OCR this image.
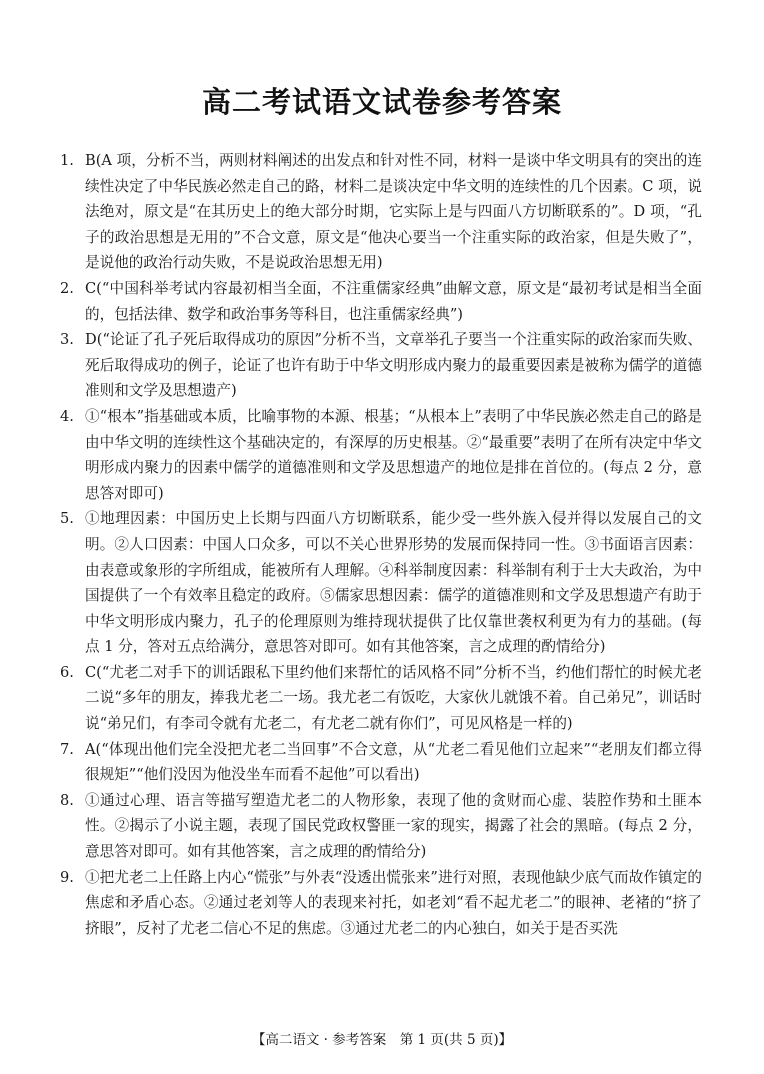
高二考试语文试卷参考答案
1. B(A 项，分析不当，两则材料阐述的出发点和针对性不同，材料一是谈中华文明具有的突出的连续性决定了中华民族必然走自己的路，材料二是谈决定中华文明的连续性的几个因素。C 项，说法绝对，原文是“在其历史上的绝大部分时期，它实际上是与四面八方切断联系的”。D 项，“孔子的政治思想是无用的”不合文意，原文是“他决心要当一个注重实际的政治家，但是失败了”，是说他的政治行动失败，不是说政治思想无用)
2. C(“中国科举考试内容最初相当全面，不注重儒家经典”曲解文意，原文是“最初考试是相当全面的，包括法律、数学和政治事务等科目，也注重儒家经典”)
3. D(“论证了孔子死后取得成功的原因”分析不当，文章举孔子要当一个注重实际的政治家而失败、死后取得成功的例子，论证了也许有助于中华文明形成内聚力的最重要因素是被称为儒学的道德准则和文学及思想遗产)
4. ①“根本”指基础或本质，比喻事物的本源、根基；“从根本上”表明了中华民族必然走自己的路是由中华文明的连续性这个基础决定的，有深厚的历史根基。②“最重要”表明了在所有决定中华文明形成内聚力的因素中儒学的道德准则和文学及思想遗产的地位是排在首位的。(每点 2 分，意思答对即可)
5. ①地理因素：中国历史上长期与四面八方切断联系，能少受一些外族入侵并得以发展自己的文明。②人口因素：中国人口众多，可以不关心世界形势的发展而保持同一性。③书面语言因素：由表意或象形的字所组成，能被所有人理解。④科举制度因素：科举制有利于士大夫政治，为中国提供了一个有效率且稳定的政府。⑤儒家思想因素：儒学的道德准则和文学及思想遗产有助于中华文明形成内聚力，孔子的伦理原则为维持现状提供了比仅靠世袭权利更为有力的基础。(每点 1 分，答对五点给满分，意思答对即可。如有其他答案，言之成理的酌情给分)
6. C(“尤老二对手下的训话跟私下里约他们来帮忙的话风格不同”分析不当，约他们帮忙的时候尤老二说“多年的朋友，捧我尤老二一场。我尤老二有饭吃，大家伙儿就饿不着。自己弟兄”，训话时说“弟兄们，有李司令就有尤老二，有尤老二就有你们”，可见风格是一样的)
7. A(“体现出他们完全没把尤老二当回事”不合文意，从“尤老二看见他们立起来”“老朋友们都立得很规矩”“他们没因为他没坐车而看不起他”可以看出)
8. ①通过心理、语言等描写塑造尤老二的人物形象，表现了他的贪财而心虚、装腔作势和土匪本性。②揭示了小说主题，表现了国民党政权警匪一家的现实，揭露了社会的黑暗。(每点 2 分，意思答对即可。如有其他答案，言之成理的酌情给分)
9. ①把尤老二上任路上内心“慌张”与外表“没透出慌张来”进行对照，表现他缺少底气而故作镇定的焦虑和矛盾心态。②通过老刘等人的表现来衬托，如老刘“看不起尤老二”的眼神、老褚的“挤了挤眼”，反衬了尤老二信心不足的焦虑。③通过尤老二的内心独白，如关于是否买洗
【高二语文 · 参考答案　第 1 页(共 5 页)】
